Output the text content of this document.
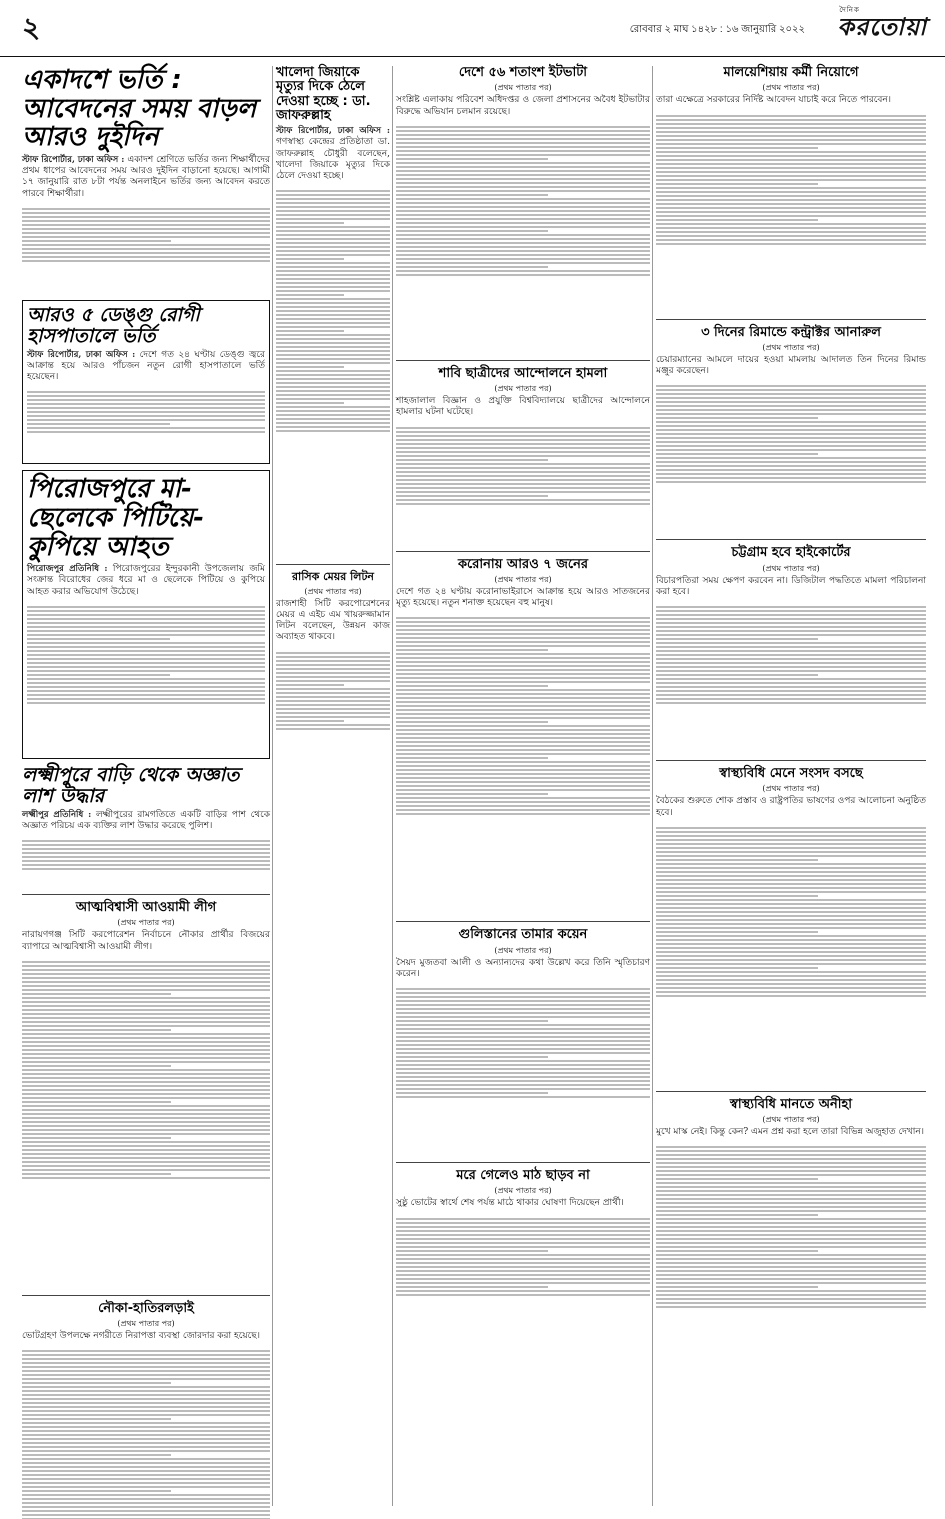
২	রোববার ২ মাঘ ১৪২৮ : ১৬ জানুয়ারি ২০২২
দৈনিক
করতোয়া
একাদশে ভর্তি : আবেদনের সময় বাড়ল আরও দুইদিন

স্টাফ রিপোর্টার, ঢাকা অফিস : একাদশ শ্রেণিতে ভর্তির জন্য শিক্ষার্থীদের প্রথম ধাপের আবেদনের সময় আরও দুইদিন বাড়ানো হয়েছে। আগামী ১৭ জানুয়ারি রাত ৮টা পর্যন্ত অনলাইনে ভর্তির জন্য আবেদন করতে পারবে শিক্ষার্থীরা।

আরও ৫ ডেঙ্গু রোগী হাসপাতালে ভর্তি

স্টাফ রিপোর্টার, ঢাকা অফিস : দেশে গত ২৪ ঘণ্টায় ডেঙ্গু জ্বরে আক্রান্ত হয়ে আরও পাঁচজন নতুন রোগী হাসপাতালে ভর্তি হয়েছেন।

পিরোজপুরে মা-ছেলেকে পিটিয়ে-কুপিয়ে আহত

পিরোজপুর প্রতিনিধি : পিরোজপুরের ইন্দুরকানী উপজেলায় জমি সংক্রান্ত বিরোধের জের ধরে মা ও ছেলেকে পিটিয়ে ও কুপিয়ে আহত করার অভিযোগ উঠেছে।

লক্ষ্মীপুরে বাড়ি থেকে অজ্ঞাত লাশ উদ্ধার

লক্ষ্মীপুর প্রতিনিধি : লক্ষ্মীপুরের রামগতিতে একটি বাড়ির পাশ থেকে অজ্ঞাত পরিচয় এক ব্যক্তির লাশ উদ্ধার করেছে পুলিশ।

আত্মবিশ্বাসী আওয়ামী লীগ
(প্রথম পাতার পর)

নারায়ণগঞ্জ সিটি করপোরেশন নির্বাচনে নৌকার প্রার্থীর বিজয়ের ব্যাপারে আত্মবিশ্বাসী আওয়ামী লীগ।

নৌকা-হাতিরলড়াই
(প্রথম পাতার পর)

ভোটগ্রহণ উপলক্ষে নগরীতে নিরাপত্তা ব্যবস্থা জোরদার করা হয়েছে।

খালেদা জিয়াকে মৃত্যুর দিকে ঠেলে দেওয়া হচ্ছে : ডা. জাফরুল্লাহ

স্টাফ রিপোর্টার, ঢাকা অফিস : গণস্বাস্থ্য কেন্দ্রের প্রতিষ্ঠাতা ডা. জাফরুল্লাহ চৌধুরী বলেছেন, খালেদা জিয়াকে মৃত্যুর দিকে ঠেলে দেওয়া হচ্ছে।

রাসিক মেয়র লিটন
(প্রথম পাতার পর)

রাজশাহী সিটি করপোরেশনের মেয়র এ এইচ এম খায়রুজ্জামান লিটন বলেছেন, উন্নয়ন কাজ অব্যাহত থাকবে।

দেশে ৫৬ শতাংশ ইটভাটা
(প্রথম পাতার পর)

সংশ্লিষ্ট এলাকায় পরিবেশ অধিদপ্তর ও জেলা প্রশাসনের অবৈধ ইটভাটার বিরুদ্ধে অভিযান চলমান রয়েছে।

শাবি ছাত্রীদের আন্দোলনে হামলা
(প্রথম পাতার পর)

শাহজালাল বিজ্ঞান ও প্রযুক্তি বিশ্ববিদ্যালয়ে ছাত্রীদের আন্দোলনে হামলার ঘটনা ঘটেছে।

করোনায় আরও ৭ জনের
(প্রথম পাতার পর)

দেশে গত ২৪ ঘণ্টায় করোনাভাইরাসে আক্রান্ত হয়ে আরও সাতজনের মৃত্যু হয়েছে। নতুন শনাক্ত হয়েছেন বহু মানুষ।

গুলিস্তানের তামার কয়েন
(প্রথম পাতার পর)

সৈয়দ মুজতবা আলী ও অন্যান্যদের কথা উল্লেখ করে তিনি স্মৃতিচারণ করেন।

মরে গেলেও মাঠ ছাড়ব না
(প্রথম পাতার পর)

সুষ্ঠু ভোটের স্বার্থে শেষ পর্যন্ত মাঠে থাকার ঘোষণা দিয়েছেন প্রার্থী।

মালয়েশিয়ায় কর্মী নিয়োগে
(প্রথম পাতার পর)

তারা এক্ষেত্রে সরকারের নির্দিষ্ট আবেদন যাচাই করে নিতে পারবেন।

৩ দিনের রিমান্ডে কন্ট্রাক্টর আনারুল
(প্রথম পাতার পর)

চেয়ারম্যানের আমলে দায়ের হওয়া মামলায় আদালত তিন দিনের রিমান্ড মঞ্জুর করেছেন।

চট্টগ্রাম হবে হাইকোর্টের
(প্রথম পাতার পর)

বিচারপতিরা সময় ক্ষেপণ করবেন না। ডিজিটাল পদ্ধতিতে মামলা পরিচালনা করা হবে।

স্বাস্থ্যবিধি মেনে সংসদ বসছে
(প্রথম পাতার পর)

বৈঠকের শুরুতে শোক প্রস্তাব ও রাষ্ট্রপতির ভাষণের ওপর আলোচনা অনুষ্ঠিত হবে।

স্বাস্থ্যবিধি মানতে অনীহা
(প্রথম পাতার পর)

মুখে মাস্ক নেই। কিন্তু কেন? এমন প্রশ্ন করা হলে তারা বিভিন্ন অজুহাত দেখান।
